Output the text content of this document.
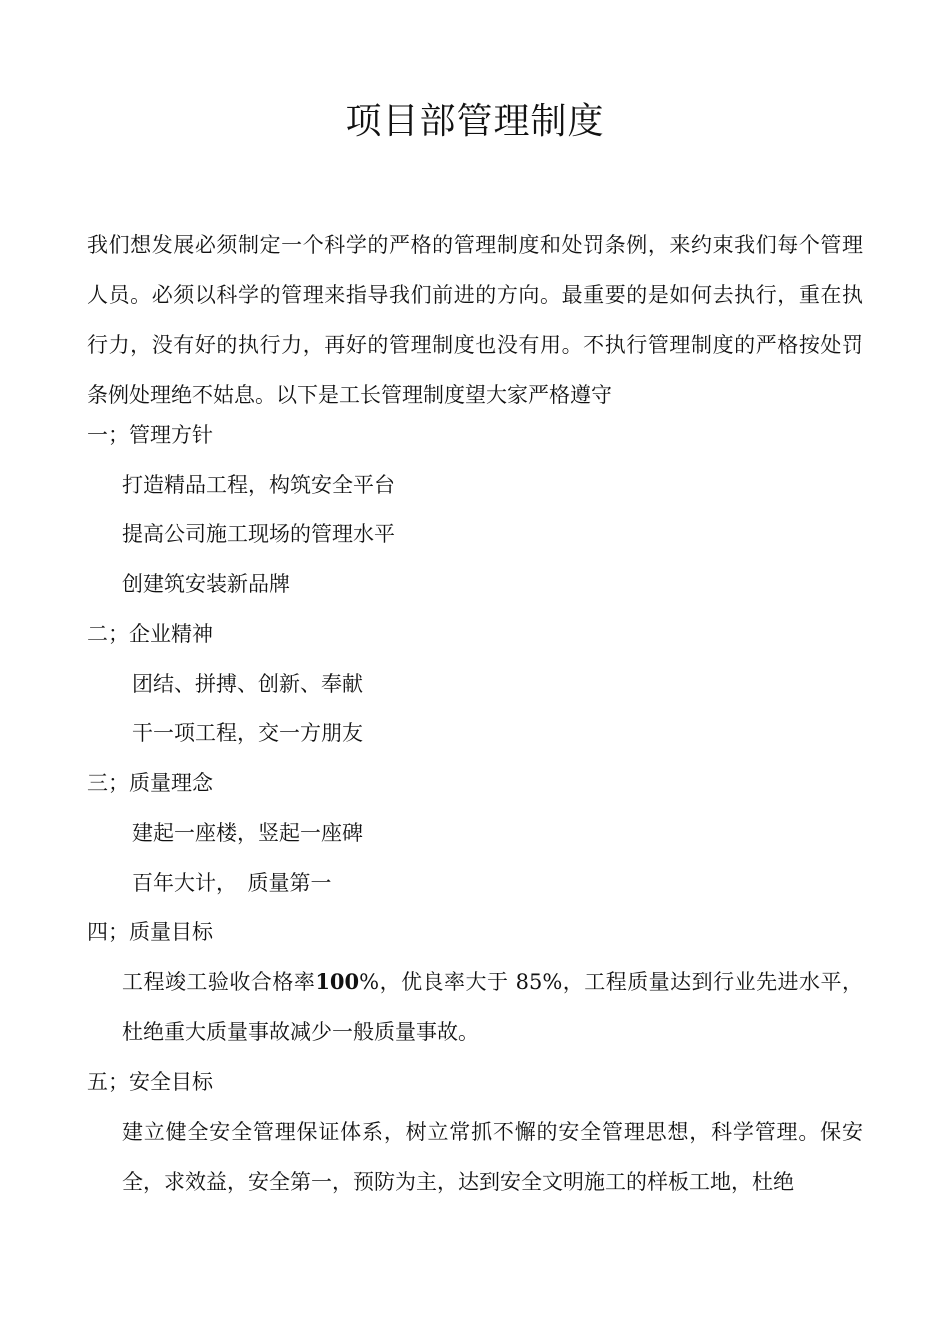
项目部管理制度
我们想发展必须制定一个科学的严格的管理制度和处罚条例，来约束我们每个管理人员。必须以科学的管理来指导我们前进的方向。最重要的是如何去执行，重在执行力，没有好的执行力，再好的管理制度也没有用。不执行管理制度的严格按处罚条例处理绝不姑息。以下是工长管理制度望大家严格遵守
一；管理方针
打造精品工程，构筑安全平台
提高公司施工现场的管理水平
创建筑安装新品牌
二；企业精神
团结、拼搏、创新、奉献
干一项工程，交一方朋友
三；质量理念
建起一座楼，竖起一座碑
百年大计，　质量第一
四；质量目标
工程竣工验收合格率100%，优良率大于 85%，工程质量达到行业先进水平，杜绝重大质量事故减少一般质量事故。
五；安全目标
建立健全安全管理保证体系，树立常抓不懈的安全管理思想，科学管理。保安全，求效益，安全第一，预防为主，达到安全文明施工的样板工地，杜绝
